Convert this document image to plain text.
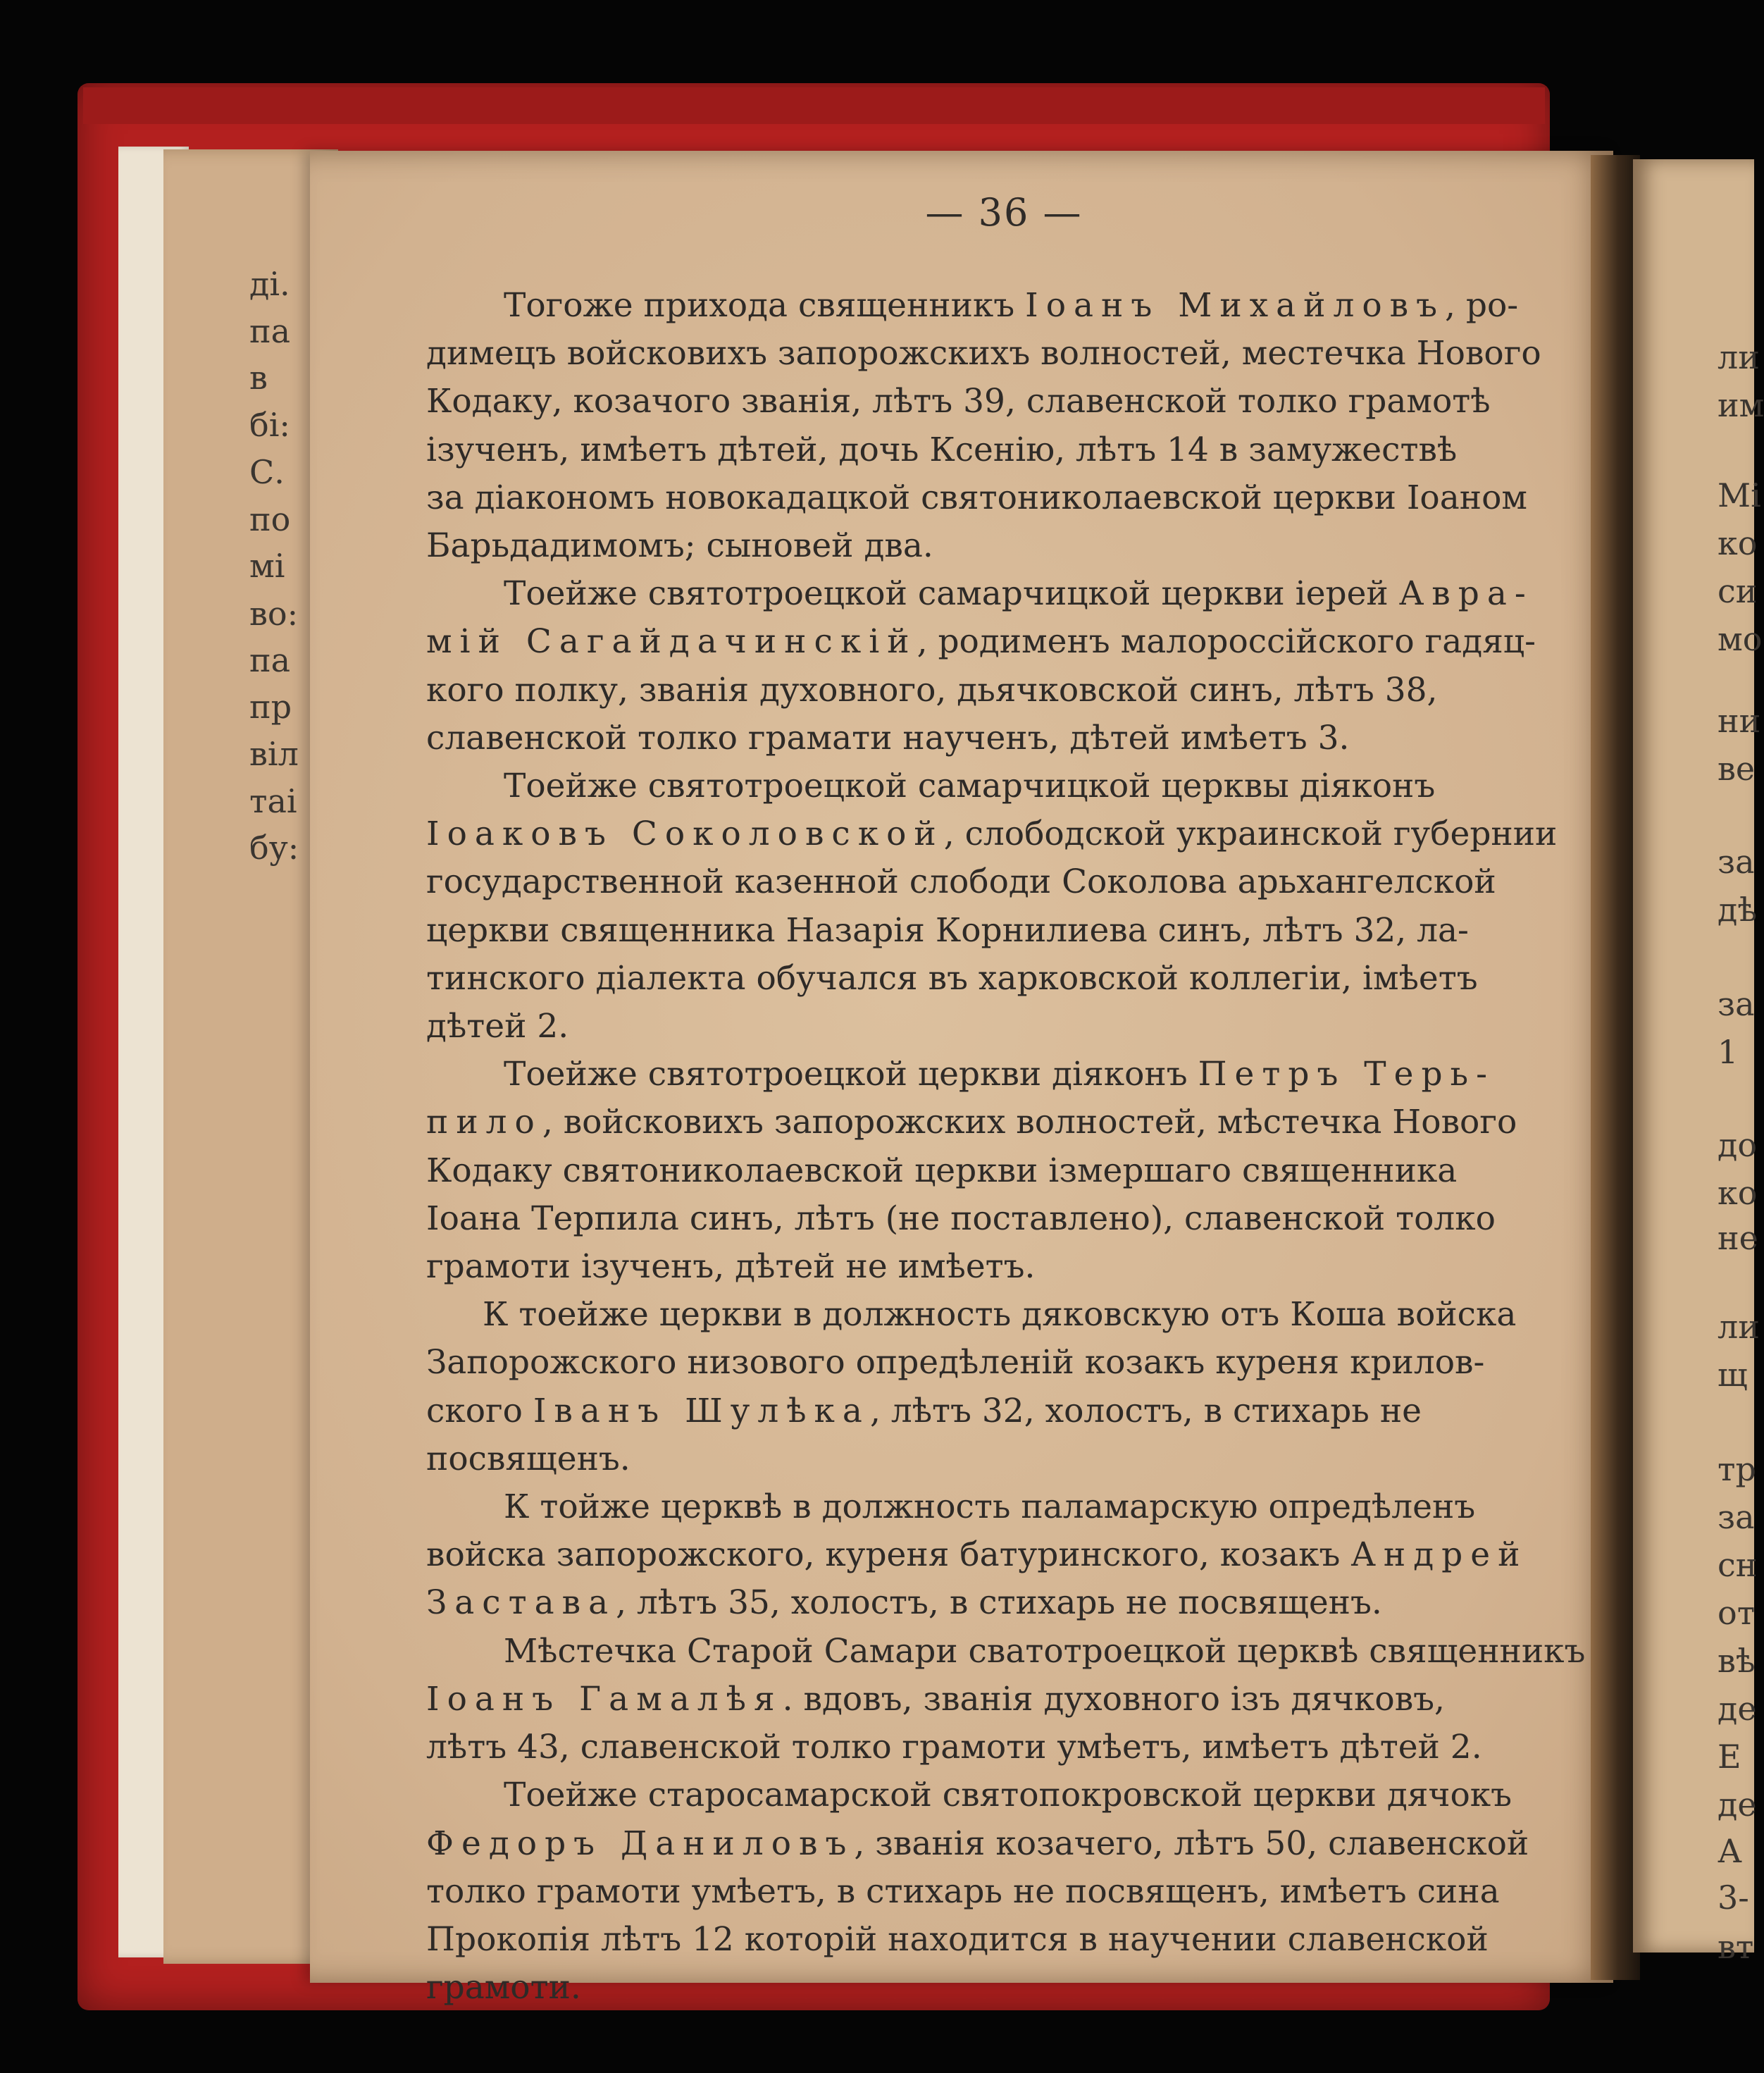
ді.
па
в
бі:
С.
по
мі
во:
па
пр
віл
таі
бу:
ли
им
Мі
ко
си
мо
ни
ве
за
дѣ
за
1
до
ко
не
ли
щ
тр
за
сн
от
вѣ
де
Е
де
А
3-
вт
— 36 —
Тогоже прихода священникъ Іоанъ Михайловъ, ро-
димецъ войсковихъ запорожскихъ волностей, местечка Нового
Кодаку, козачого званія, лѣтъ 39, славенской толко грамотѣ
ізученъ, имѣетъ дѣтей, дочь Ксенію, лѣтъ 14 в замужествѣ
за діакономъ новокадацкой святониколаевской церкви Іоаном
Барьдадимомъ; сыновей два.
Тоейже святотроецкой самарчицкой церкви іерей Авра-
мій Сагайдачинскій, родименъ малороссійского гадяц-
кого полку, званія духовного, дьячковской синъ, лѣтъ 38,
славенской толко грамати наученъ, дѣтей имѣетъ 3.
Тоейже святотроецкой самарчицкой церквы діяконъ
Іоаковъ Соколовской, слободской украинской губернии
государственной казенной слободи Соколова арьхангелской
церкви священника Назарія Корнилиева синъ, лѣтъ 32, ла-
тинского діалекта обучался въ харковской коллегіи, імѣетъ
дѣтей 2.
Тоейже святотроецкой церкви діяконъ Петръ Терь-
пило, войсковихъ запорожских волностей, мѣстечка Нового
Кодаку святониколаевской церкви ізмершаго священника
Іоана Терпила синъ, лѣтъ (не поставлено), славенской толко
грамоти ізученъ, дѣтей не имѣетъ.
К тоейже церкви в должность дяковскую отъ Коша войска
Запорожского низового опредѣленій козакъ куреня крилов-
ского Іванъ Шулѣка, лѣтъ 32, холостъ, в стихарь не
посвященъ.
К тойже церквѣ в должность паламарскую опредѣленъ
войска запорожского, куреня батуринского, козакъ Андрей
Застава, лѣтъ 35, холостъ, в стихарь не посвященъ.
Мѣстечка Старой Самари сватотроецкой церквѣ священникъ
Іоанъ Гамалѣя. вдовъ, званія духовного ізъ дячковъ,
лѣтъ 43, славенской толко грамоти умѣетъ, имѣетъ дѣтей 2.
Тоейже старосамарской святопокровской церкви дячокъ
Федоръ Даниловъ, званія козачего, лѣтъ 50, славенской
толко грамоти умѣетъ, в стихарь не посвященъ, имѣетъ сина
Прокопія лѣтъ 12 которій находится в научении славенской
грамоти.
